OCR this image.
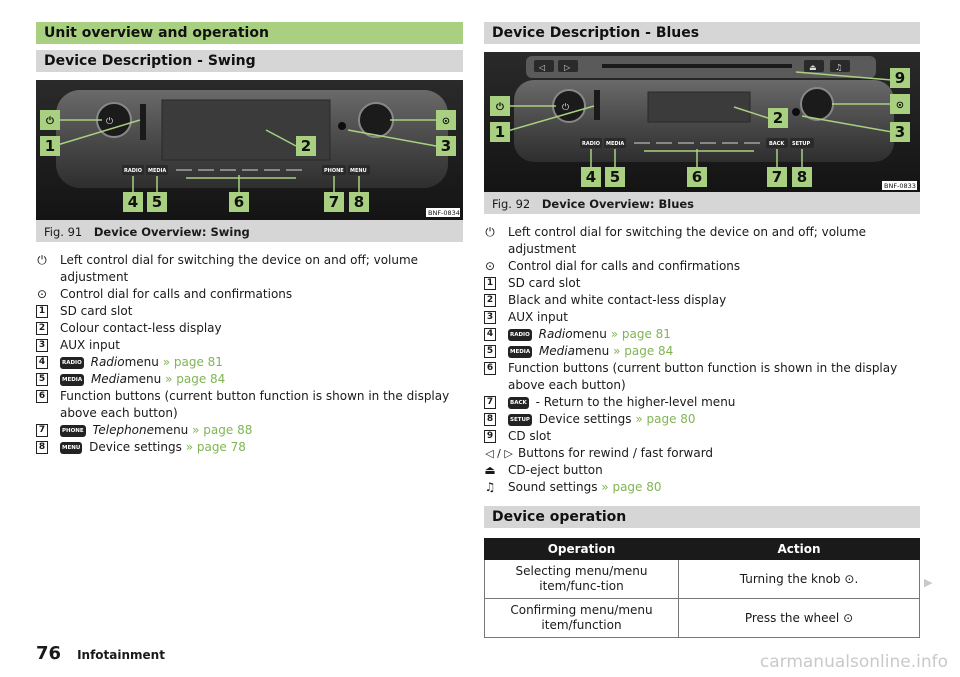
Unit overview and operation
Device Description - Swing
⏻
RADIO MEDIA	PHONE MENU
⏻	⊙
1	2	3
4 5	6	7 8
BNF-0834
Fig. 91 Device Overview: Swing
⏻ Left control dial for switching the device on and off; volume adjustment
⊙ Control dial for calls and confirmations
1 SD card slot
2 Colour contact-less display
3 AUX input
4	RADIO Radiomenu » page 81
5	MEDIA Mediamenu » page 84
6 Function buttons (current button function is shown in the display above each button)
7	PHONE Telephonemenu » page 88
8	MENU Device settings » page 78
Device Description - Blues
◁ ▷	⏏ ♫
⏻
RADIO MEDIA	BACK SETUP
⏻	⊙
1
2
3
4 5	6	7 8
9
BNF-0833
Fig. 92 Device Overview: Blues
⏻ Left control dial for switching the device on and off; volume adjustment
⊙ Control dial for calls and confirmations
1 SD card slot
2 Black and white contact-less display
3 AUX input
4	RADIO Radiomenu » page 81
5	MEDIA Mediamenu » page 84
6 Function buttons (current button function is shown in the display above each button)
7	BACK - Return to the higher-level menu
8	SETUP Device settings » page 80
9 CD slot
◁ / ▷ Buttons for rewind / fast forward
⏏ CD-eject button
♫ Sound settings » page 80
Device operation
Operation	Action
Selecting menu/menu item/func-tion	Turning the knob ⊙.
Confirming menu/menu item/function	Press the wheel ⊙
▶
76 Infotainment	carmanualsonline.info
